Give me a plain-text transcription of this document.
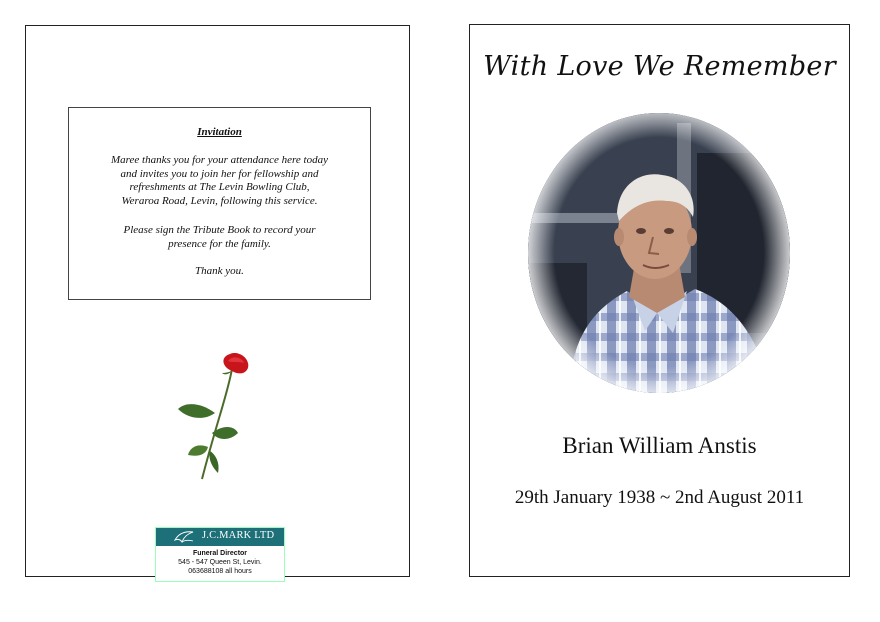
Invitation
Maree thanks you for your attendance here today
and invites you to join her for fellowship and
refreshments at The Levin Bowling Club,
Weraroa Road, Levin, following this service.
Please sign the Tribute Book to record your
presence for the family.
Thank you.
J.C.MARK LTD
Funeral Director
545 - 547 Queen St, Levin.
063688108 all hours
With Love We Remember
Brian William Anstis
29th January 1938 ~ 2nd August 2011
